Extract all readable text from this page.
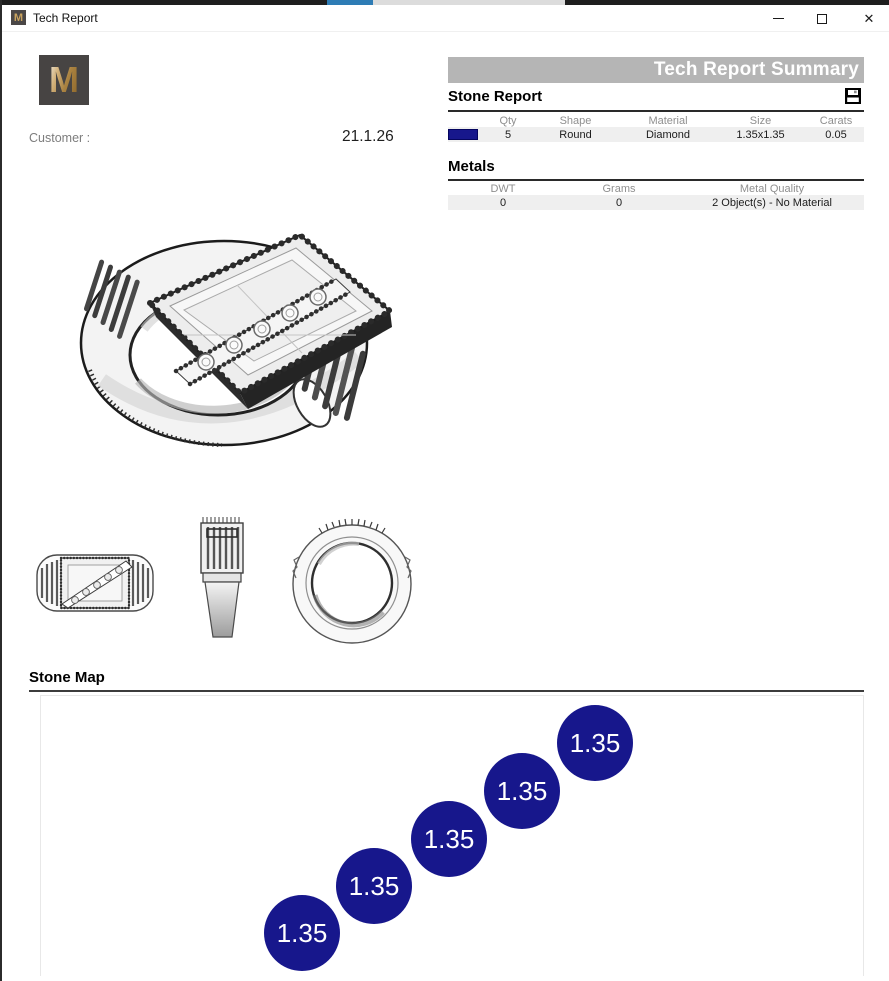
M Tech Report	✕
M
Customer :	21.1.26
Tech Report Summary
Stone Report
Qty	Shape	Material	Size	Carats
5	Round	Diamond	1.35x1.35	0.05
Metals
DWT	Grams	Metal Quality
0	0	2 Object(s) - No Material
Stone Map
1.35
1.35
1.35
1.35
1.35
